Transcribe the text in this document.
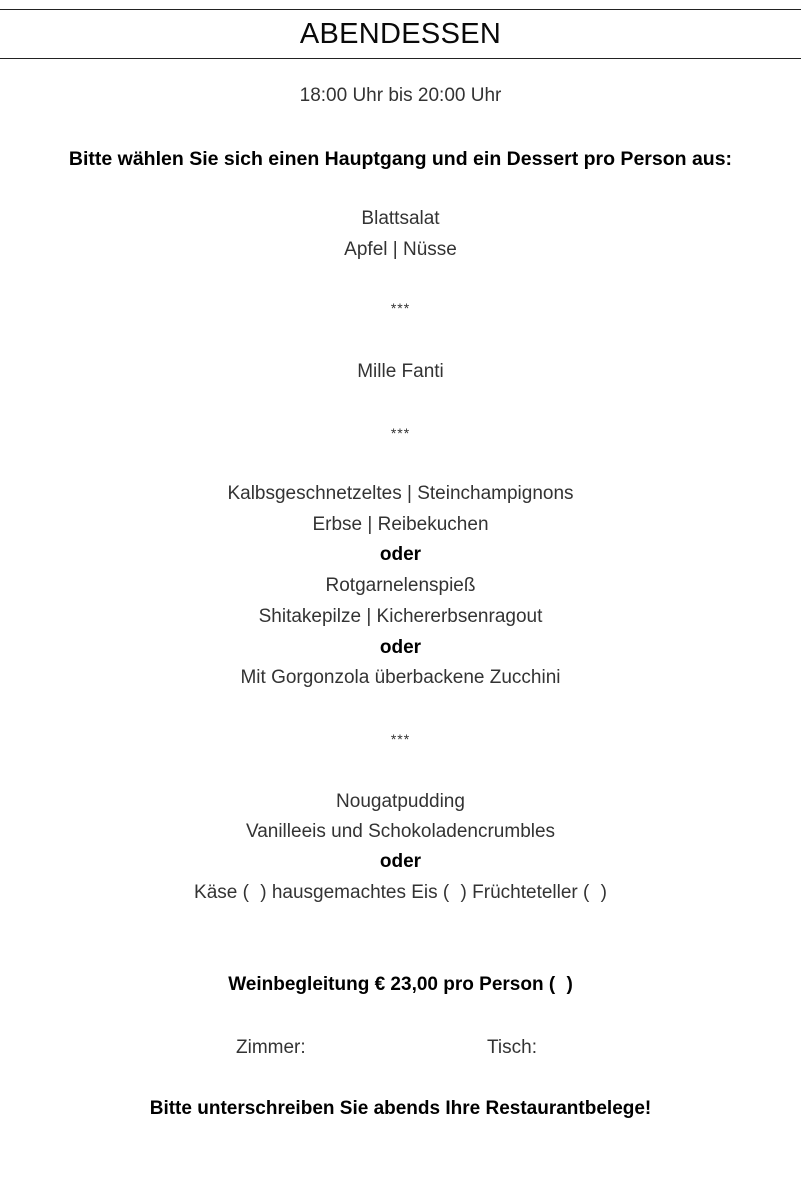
ABENDESSEN
18:00 Uhr bis 20:00 Uhr
Bitte wählen Sie sich einen Hauptgang und ein Dessert pro Person aus:
Blattsalat
Apfel | Nüsse
***
Mille Fanti
***
Kalbsgeschnetzeltes | Steinchampignons
Erbse | Reibekuchen
oder
Rotgarnelenspieß
Shitakepilze | Kichererbsenragout
oder
Mit Gorgonzola überbackene Zucchini
***
Nougatpudding
Vanilleeis und Schokoladencrumbles
oder
Käse ( ) hausgemachtes Eis ( ) Früchteteller ( )
Weinbegleitung € 23,00 pro Person ( )
Zimmer:	Tisch:
Bitte unterschreiben Sie abends Ihre Restaurantbelege!
